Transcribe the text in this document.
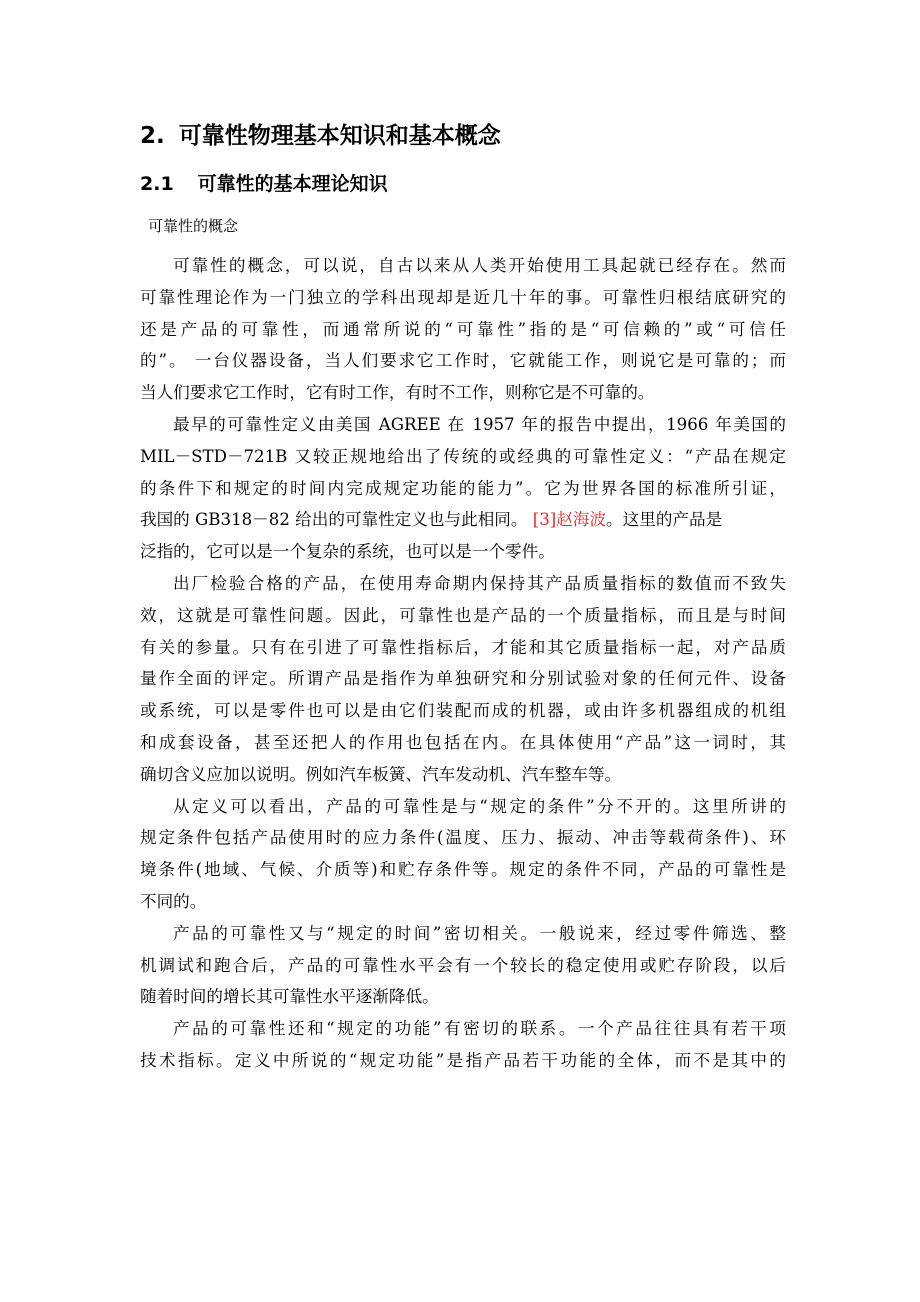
2. 可靠性物理基本知识和基本概念
2.1 可靠性的基本理论知识
可靠性的概念
可靠性的概念，可以说，自古以来从人类开始使用工具起就已经存在。然而
可靠性理论作为一门独立的学科出现却是近几十年的事。可靠性归根结底研究的
还是产品的可靠性，而通常所说的“可靠性”指的是“可信赖的”或“可信任
的”。 一台仪器设备，当人们要求它工作时，它就能工作，则说它是可靠的；而
当人们要求它工作时，它有时工作，有时不工作，则称它是不可靠的。
最早的可靠性定义由美国 AGREE 在 1957 年的报告中提出，1966 年美国的
MIL－STD－721B 又较正规地给出了传统的或经典的可靠性定义：“产品在规定
的条件下和规定的时间内完成规定功能的能力”。它为世界各国的标准所引证，
我国的 GB318－82 给出的可靠性定义也与此相同。 [3]赵海波。这里的产品是
泛指的，它可以是一个复杂的系统，也可以是一个零件。
出厂检验合格的产品，在使用寿命期内保持其产品质量指标的数值而不致失
效，这就是可靠性问题。因此，可靠性也是产品的一个质量指标，而且是与时间
有关的参量。只有在引进了可靠性指标后，才能和其它质量指标一起，对产品质
量作全面的评定。所谓产品是指作为单独研究和分别试验对象的任何元件、设备
或系统，可以是零件也可以是由它们装配而成的机器，或由许多机器组成的机组
和成套设备，甚至还把人的作用也包括在内。在具体使用“产品”这一词时，其
确切含义应加以说明。例如汽车板簧、汽车发动机、汽车整车等。
从定义可以看出，产品的可靠性是与“规定的条件”分不开的。这里所讲的
规定条件包括产品使用时的应力条件(温度、压力、振动、冲击等载荷条件)、环
境条件(地域、气候、介质等)和贮存条件等。规定的条件不同，产品的可靠性是
不同的。
产品的可靠性又与“规定的时间”密切相关。一般说来，经过零件筛选、整
机调试和跑合后，产品的可靠性水平会有一个较长的稳定使用或贮存阶段，以后
随着时间的增长其可靠性水平逐渐降低。
产品的可靠性还和“规定的功能”有密切的联系。一个产品往往具有若干项
技术指标。定义中所说的“规定功能”是指产品若干功能的全体，而不是其中的
